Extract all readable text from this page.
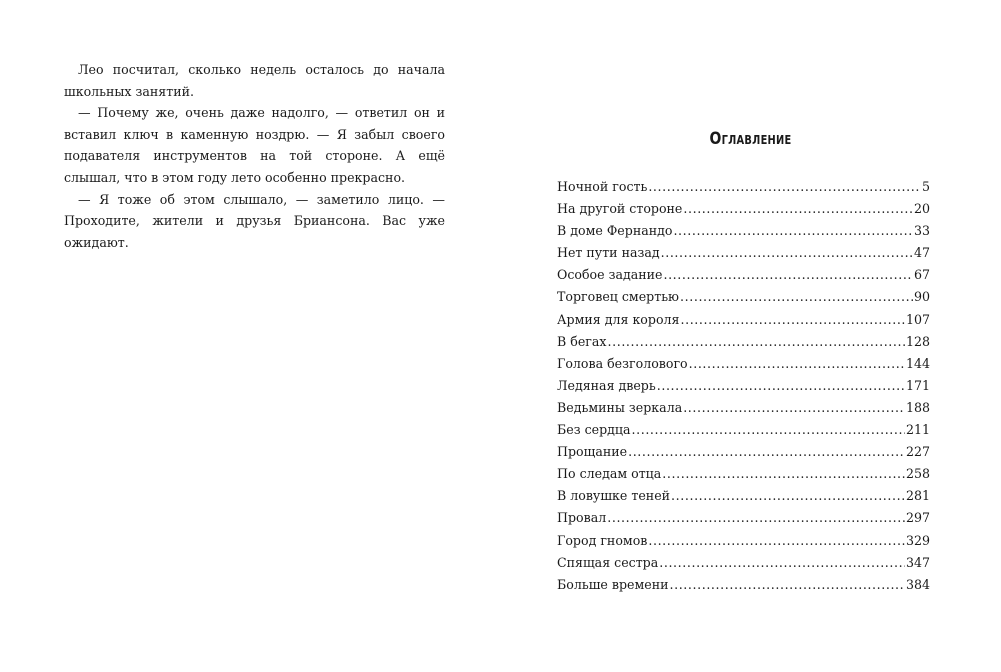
Лео посчитал, сколько недель осталось до начала школьных занятий.

— Почему же, очень даже надолго, — ответил он и вставил ключ в каменную ноздрю. — Я забыл своего подавателя инструментов на той стороне. А ещё слышал, что в этом году лето особенно прекрасно.

— Я тоже об этом слышало, — заметило лицо. — Проходите, жители и друзья Бриансона. Вас уже ожидают.

Оглавление
Ночной гость .....	5
На другой стороне .....	20
В доме Фернандо .....	33
Нет пути назад .....	47
Особое задание .....	67
Торговец смертью .....	90
Армия для короля .....	107
В бегах .....	128
Голова безголового .....	144
Ледяная дверь .....	171
Ведьмины зеркала .....	188
Без сердца .....	211
Прощание .....	227
По следам отца .....	258
В ловушке теней .....	281
Провал .....	297
Город гномов .....	329
Спящая сестра .....	347
Больше времени .....	384
